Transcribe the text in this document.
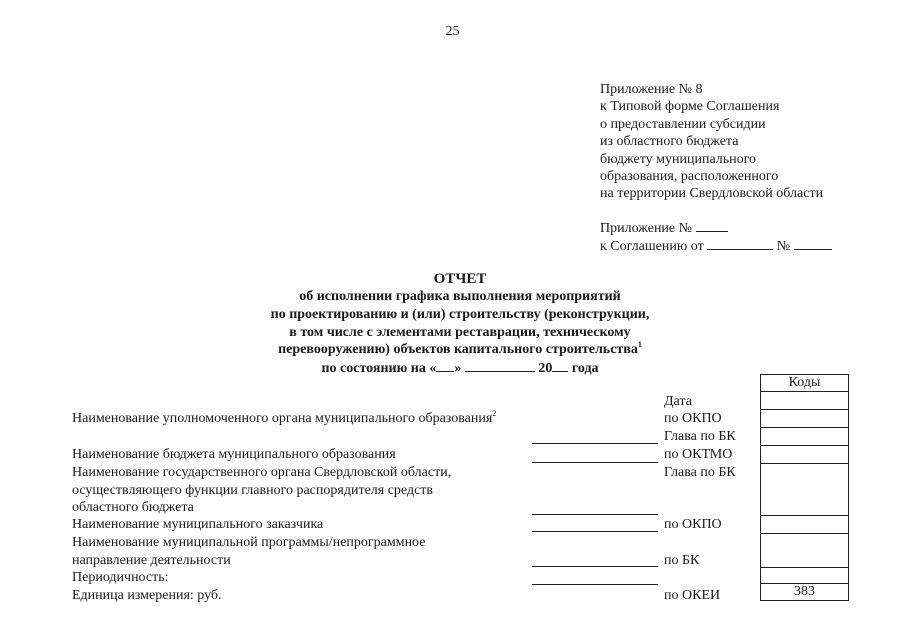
25
Приложение № 8
к Типовой форме Соглашения
о предоставлении субсидии
из областного бюджета
бюджету муниципального
образования, расположенного
на территории Свердловской области
Приложение №
к Соглашению от	№
ОТЧЕТ
об исполнении графика выполнения мероприятий
по проектированию и (или) строительству (реконструкции,
в том числе с элементами реставрации, техническому
перевооружению) объектов капитального строительства$^1$
по состоянию на « »	20 года
Наименование уполномоченного органа муниципального образования$^2$
Наименование бюджета муниципального образования
Наименование государственного органа Свердловской области,
осуществляющего функции главного распорядителя средств
областного бюджета
Наименование муниципального заказчика
Наименование муниципальной программы/непрограммное
направление деятельности
Периодичность:
Единица измерения: руб.
Дата
по ОКПО
Глава по БК
по ОКТМО
Глава по БК
по ОКПО
по БК
по ОКЕИ
Коды
383
